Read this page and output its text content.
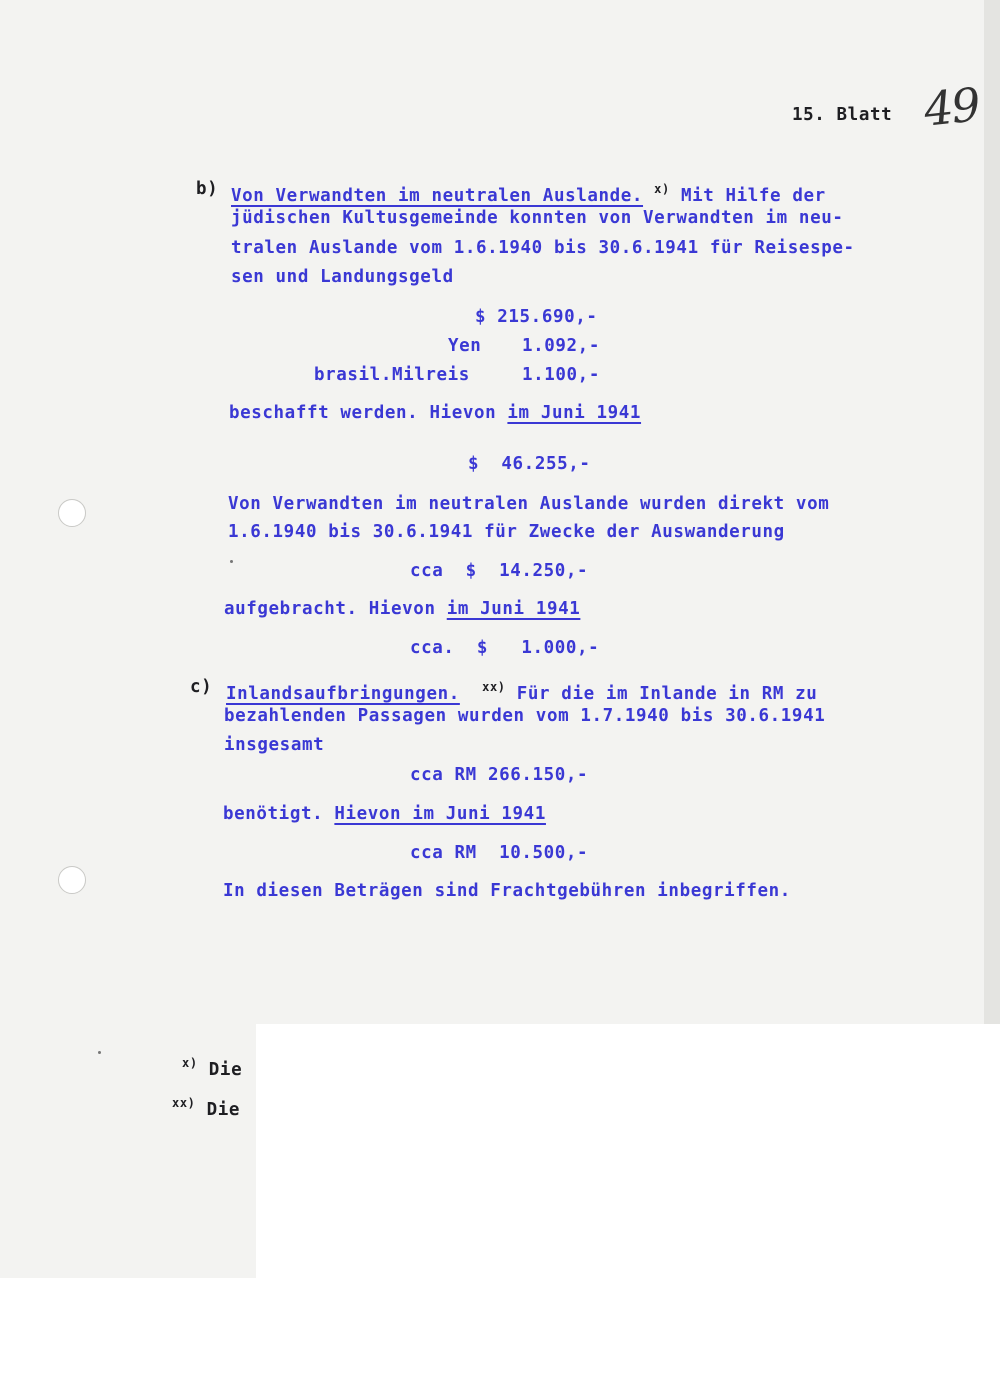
15. Blatt 49
b) Von Verwandten im neutralen Auslande. $^{x)}$ Mit Hilfe der
jüdischen Kultusgemeinde konnten von Verwandten im neu-
tralen Auslande vom 1.6.1940 bis 30.6.1941 für Reisespe-
sen und Landungsgeld
$ 215.690,-
Yen 1.092,-
brasil.Milreis	1.100,-
beschafft werden. Hievon im Juni 1941
$  46.255,-
Von Verwandten im neutralen Auslande wurden direkt vom
1.6.1940 bis 30.6.1941 für Zwecke der Auswanderung
cca  $  14.250,-
aufgebracht. Hievon im Juni 1941
cca.  $   1.000,-
c) Inlandsaufbringungen. $^{xx)}$ Für die im Inlande in RM zu
bezahlenden Passagen wurden vom 1.7.1940 bis 30.6.1941
insgesamt
cca RM 266.150,-
benötigt. Hievon im Juni 1941
cca RM  10.500,-
In diesen Beträgen sind Frachtgebühren inbegriffen.
$^{x)}$ Die
$^{xx)}$ Die
